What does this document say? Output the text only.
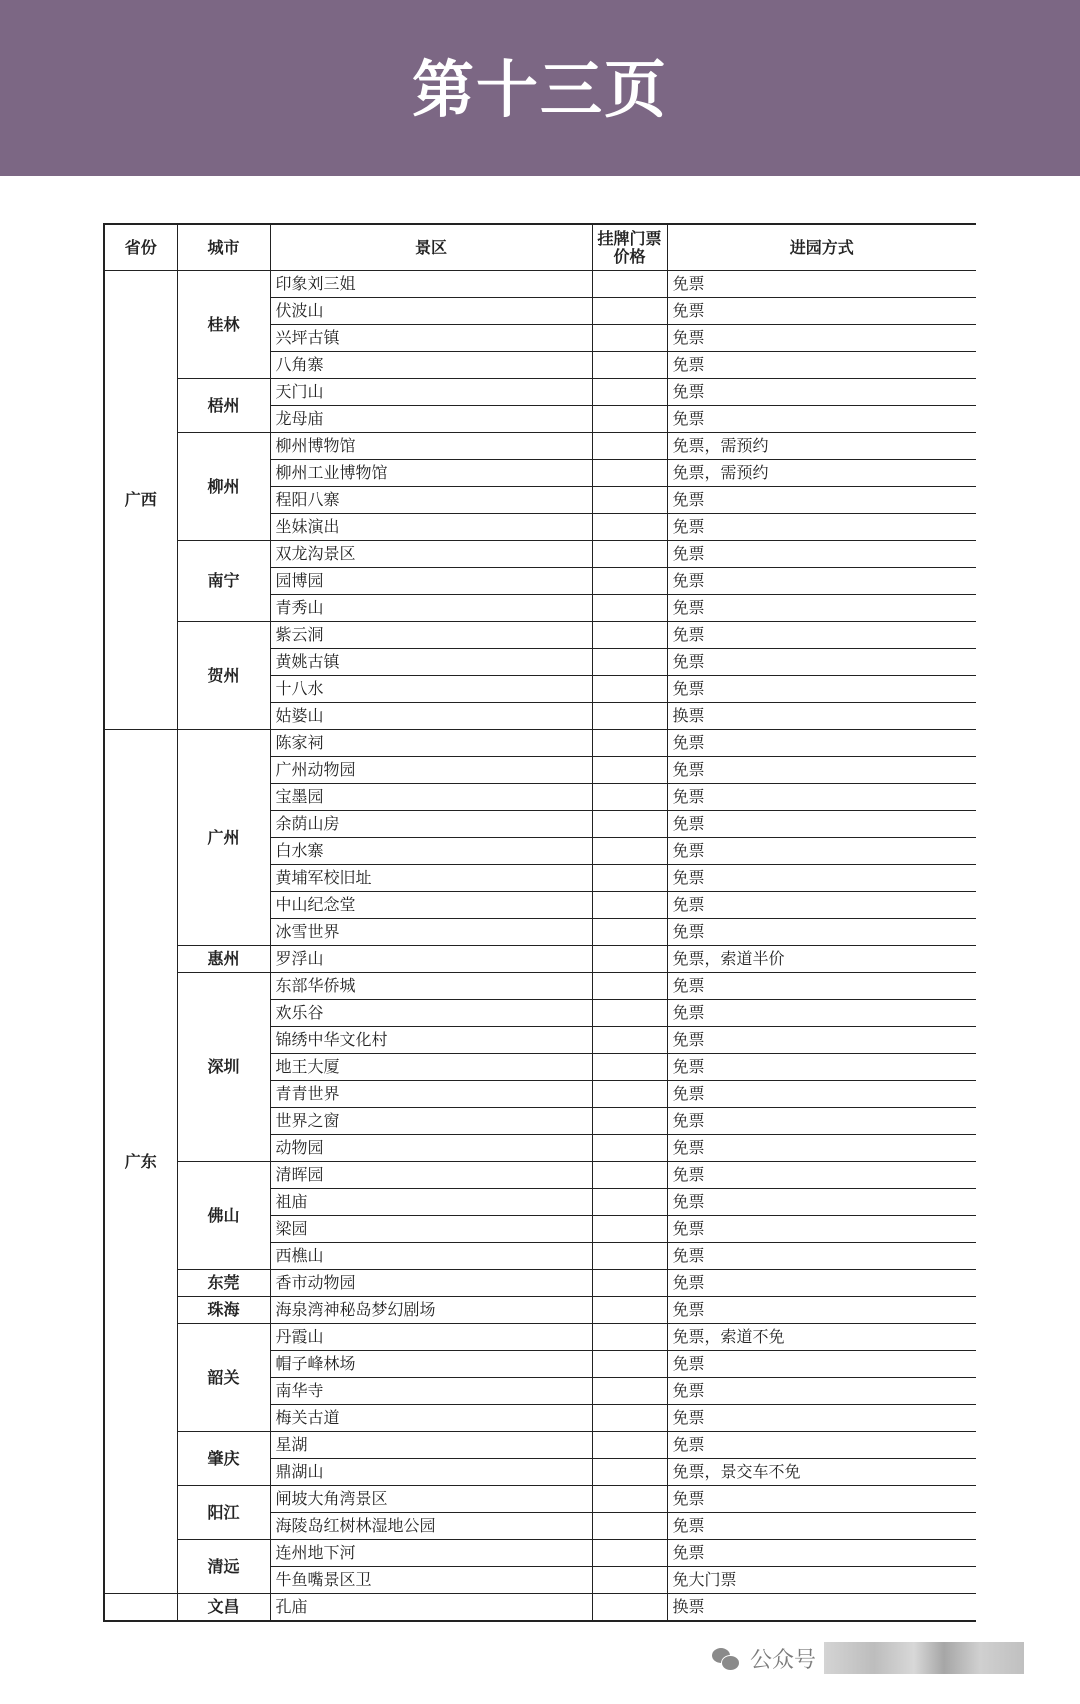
第十三页
省份	城市	景区	挂牌门票价格	进园方式
广西	桂林	印象刘三姐		免票
		伏波山		免票
		兴坪古镇		免票
		八角寨		免票
	梧州	天门山		免票
		龙母庙		免票
	柳州	柳州博物馆		免票，需预约
		柳州工业博物馆		免票，需预约
		程阳八寨		免票
		坐妹演出		免票
	南宁	双龙沟景区		免票
		园博园		免票
		青秀山		免票
	贺州	紫云洞		免票
		黄姚古镇		免票
		十八水		免票
		姑婆山		换票
广东	广州	陈家祠		免票
		广州动物园		免票
		宝墨园		免票
		余荫山房		免票
		白水寨		免票
		黄埔军校旧址		免票
		中山纪念堂		免票
		冰雪世界		免票
	惠州	罗浮山		免票，索道半价
	深圳	东部华侨城		免票
		欢乐谷		免票
		锦绣中华文化村		免票
		地王大厦		免票
		青青世界		免票
		世界之窗		免票
		动物园		免票
	佛山	清晖园		免票
		祖庙		免票
		梁园		免票
		西樵山		免票
	东莞	香市动物园		免票
	珠海	海泉湾神秘岛梦幻剧场		免票
	韶关	丹霞山		免票，索道不免
		帽子峰林场		免票
		南华寺		免票
		梅关古道		免票
	肇庆	星湖		免票
		鼎湖山		免票，景交车不免
	阳江	闸坡大角湾景区		免票
		海陵岛红树林湿地公园		免票
	清远	连州地下河		免票
		牛鱼嘴景区卫		免大门票
	文昌	孔庙		换票
公众号
